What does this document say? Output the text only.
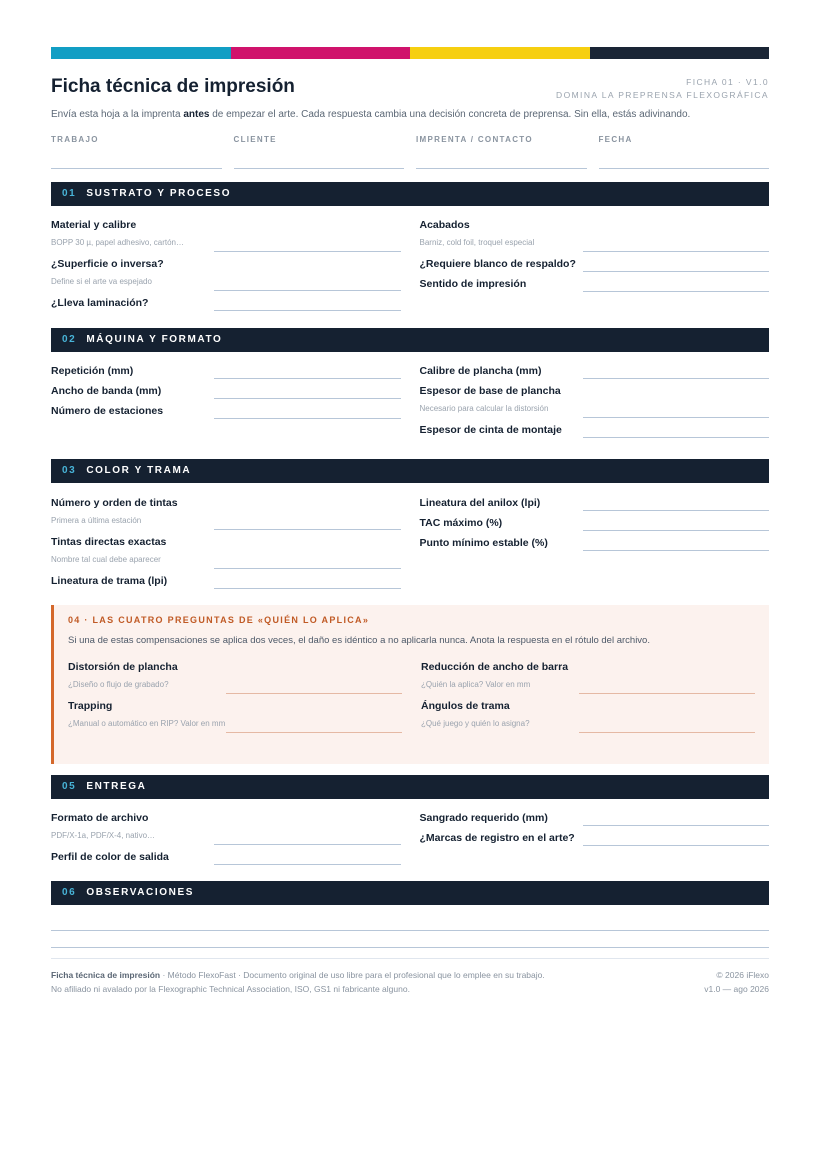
Ficha técnica de impresión	FICHA 01 · V1.0
DOMINA LA PREPRENSA FLEXOGRÁFICA
Envía esta hoja a la imprenta antes de empezar el arte. Cada respuesta cambia una decisión concreta de preprensa. Sin ella, estás adivinando.
TRABAJO	CLIENTE	IMPRENTA / CONTACTO	FECHA
01 SUSTRATO Y PROCESO
Material y calibre
BOPP 30 µ, papel adhesivo, cartón…
¿Superficie o inversa?
Define si el arte va espejado
¿Lleva laminación?
Acabados
Barniz, cold foil, troquel especial
¿Requiere blanco de respaldo?
Sentido de impresión
02 MÁQUINA Y FORMATO
Repetición (mm)
Ancho de banda (mm)
Número de estaciones
Calibre de plancha (mm)
Espesor de base de plancha
Necesario para calcular la distorsión
Espesor de cinta de montaje
03 COLOR Y TRAMA
Número y orden de tintas
Primera a última estación
Tintas directas exactas
Nombre tal cual debe aparecer
Lineatura de trama (lpi)
Lineatura del anilox (lpi)
TAC máximo (%)
Punto mínimo estable (%)
04 · LAS CUATRO PREGUNTAS DE «QUIÉN LO APLICA»
Si una de estas compensaciones se aplica dos veces, el daño es idéntico a no aplicarla nunca. Anota la respuesta en el rótulo del archivo.
Distorsión de plancha
¿Diseño o flujo de grabado?
Trapping
¿Manual o automático en RIP? Valor en mm
Reducción de ancho de barra
¿Quién la aplica? Valor en mm
Ángulos de trama
¿Qué juego y quién lo asigna?
05 ENTREGA
Formato de archivo
PDF/X-1a, PDF/X-4, nativo…
Perfil de color de salida
Sangrado requerido (mm)
¿Marcas de registro en el arte?
06 OBSERVACIONES
Ficha técnica de impresión · Método FlexoFast · Documento original de uso libre para el profesional que lo emplee en su trabajo.
No afiliado ni avalado por la Flexographic Technical Association, ISO, GS1 ni fabricante alguno.
© 2026 iFlexo
v1.0 — ago 2026
